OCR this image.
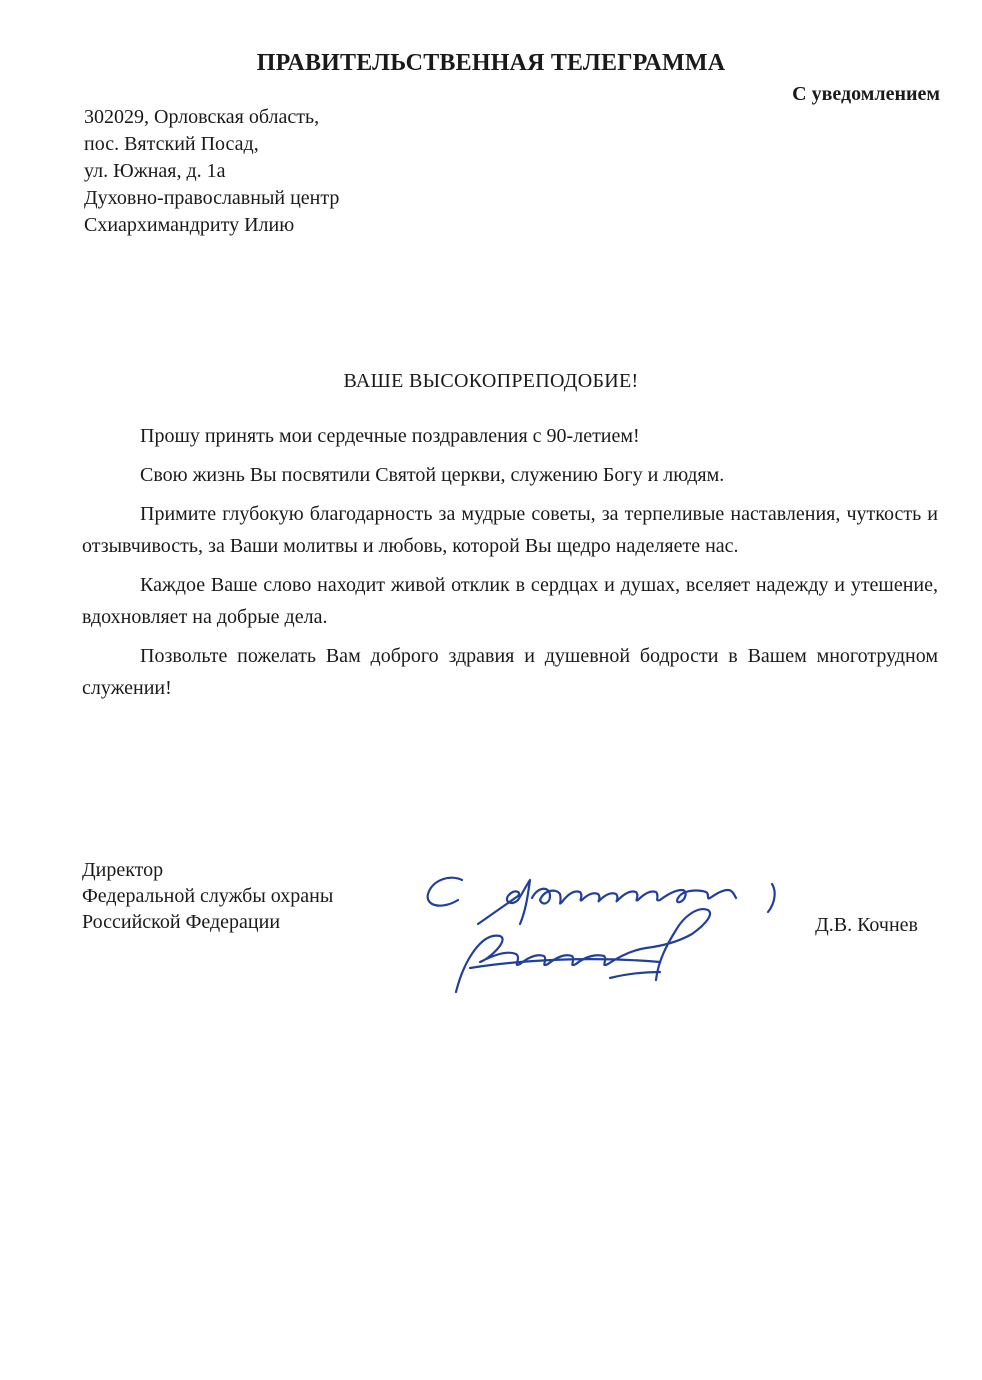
ПРАВИТЕЛЬСТВЕННАЯ ТЕЛЕГРАММА
С уведомлением
302029, Орловская область,
пос. Вятский Посад,
ул. Южная, д. 1а
Духовно-православный центр
Схиархимандриту Илию
ВАШЕ ВЫСОКОПРЕПОДОБИЕ!

Прошу принять мои сердечные поздравления с 90-летием!

Свою жизнь Вы посвятили Святой церкви, служению Богу и людям.

Примите глубокую благодарность за мудрые советы, за терпеливые наставления, чуткость и отзывчивость, за Ваши молитвы и любовь, которой Вы щедро наделяете нас.

Каждое Ваше слово находит живой отклик в сердцах и душах, вселяет надежду и утешение, вдохновляет на добрые дела.

Позвольте пожелать Вам доброго здравия и душевной бодрости в Вашем многотрудном служении!

Директор
Федеральной службы охраны
Российской Федерации	Д.В. Кочнев
